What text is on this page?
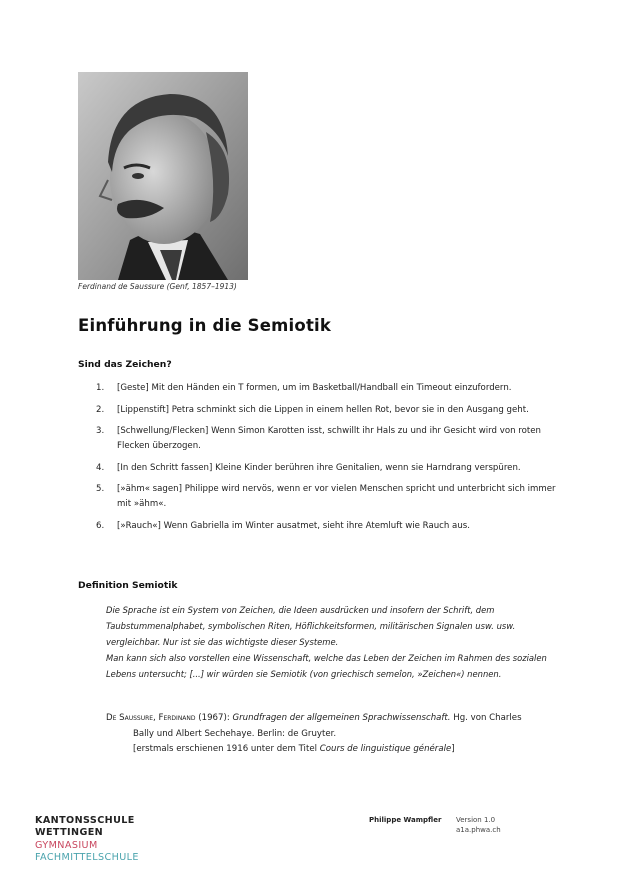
Ferdinand de Saussure (Genf, 1857–1913)
Einführung in die Semiotik
Sind das Zeichen?
1. [Geste] Mit den Händen ein T formen, um im Basketball/Handball ein Timeout einzufordern.
2. [Lippenstift] Petra schminkt sich die Lippen in einem hellen Rot, bevor sie in den Ausgang geht.
3. [Schwellung/Flecken] Wenn Simon Karotten isst, schwillt ihr Hals zu und ihr Gesicht wird von roten Flecken überzogen.
4. [In den Schritt fassen] Kleine Kinder berühren ihre Genitalien, wenn sie Harndrang verspüren.
5. [»ähm« sagen] Philippe wird nervös, wenn er vor vielen Menschen spricht und unterbricht sich immer mit »ähm«.
6. [»Rauch«] Wenn Gabriella im Winter ausatmet, sieht ihre Atemluft wie Rauch aus.
Definition Semiotik
Die Sprache ist ein System von Zeichen, die Ideen ausdrücken und insofern der Schrift, dem Taubstummenalphabet, symbolischen Riten, Höflichkeitsformen, militärischen Signalen usw. usw. vergleichbar. Nur ist sie das wichtigste dieser Systeme.
Man kann sich also vorstellen eine Wissenschaft, welche das Leben der Zeichen im Rahmen des sozialen Lebens untersucht; [...] wir würden sie Semiotik (von griechisch semeîon, »Zeichen«) nennen.
De Saussure, Ferdinand (1967): Grundfragen der allgemeinen Sprachwissenschaft. Hg. von Charles
Bally und Albert Sechehaye. Berlin: de Gruyter.
[erstmals erschienen 1916 unter dem Titel Cours de linguistique générale]
KANTONSSCHULE
WETTINGEN
GYMNASIUM
FACHMITTELSCHULE
Philippe Wampfler Version 1.0
a1a.phwa.ch
